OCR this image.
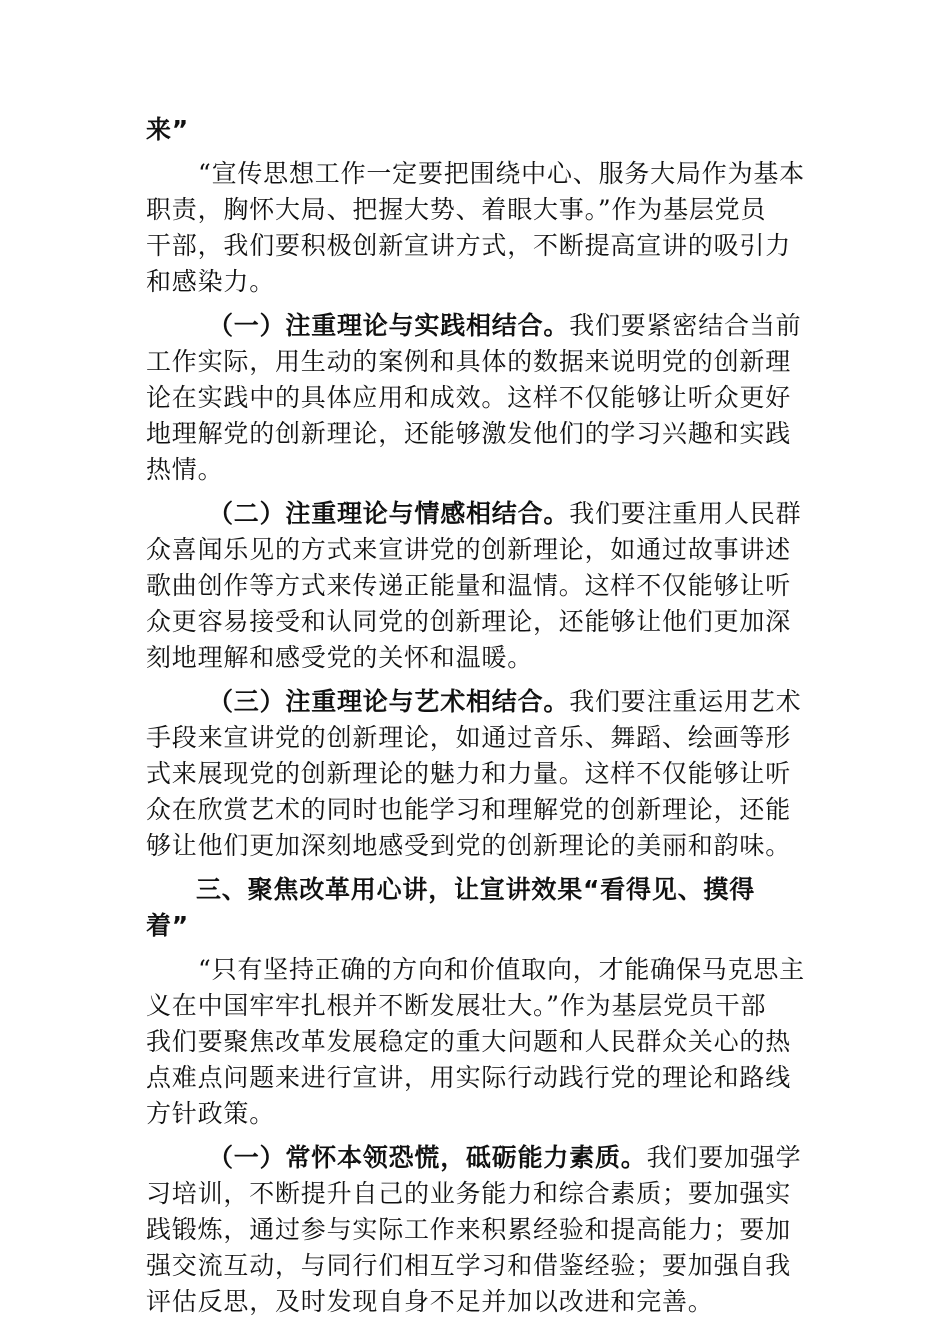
来”
“宣传思想工作一定要把围绕中心、服务大局作为基本
职责，胸怀大局、把握大势、着眼大事。”作为基层党员
干部，我们要积极创新宣讲方式，不断提高宣讲的吸引力
和感染力。
（一）注重理论与实践相结合。我们要紧密结合当前
工作实际，用生动的案例和具体的数据来说明党的创新理
论在实践中的具体应用和成效。这样不仅能够让听众更好
地理解党的创新理论，还能够激发他们的学习兴趣和实践
热情。
（二）注重理论与情感相结合。我们要注重用人民群
众喜闻乐见的方式来宣讲党的创新理论，如通过故事讲述
歌曲创作等方式来传递正能量和温情。这样不仅能够让听
众更容易接受和认同党的创新理论，还能够让他们更加深
刻地理解和感受党的关怀和温暖。
（三）注重理论与艺术相结合。我们要注重运用艺术
手段来宣讲党的创新理论，如通过音乐、舞蹈、绘画等形
式来展现党的创新理论的魅力和力量。这样不仅能够让听
众在欣赏艺术的同时也能学习和理解党的创新理论，还能
够让他们更加深刻地感受到党的创新理论的美丽和韵味。
三、聚焦改革用心讲，让宣讲效果“看得见、摸得
着”
“只有坚持正确的方向和价值取向，才能确保马克思主
义在中国牢牢扎根并不断发展壮大。”作为基层党员干部
我们要聚焦改革发展稳定的重大问题和人民群众关心的热
点难点问题来进行宣讲，用实际行动践行党的理论和路线
方针政策。
（一）常怀本领恐慌，砥砺能力素质。我们要加强学
习培训，不断提升自己的业务能力和综合素质；要加强实
践锻炼，通过参与实际工作来积累经验和提高能力；要加
强交流互动，与同行们相互学习和借鉴经验；要加强自我
评估反思，及时发现自身不足并加以改进和完善。
